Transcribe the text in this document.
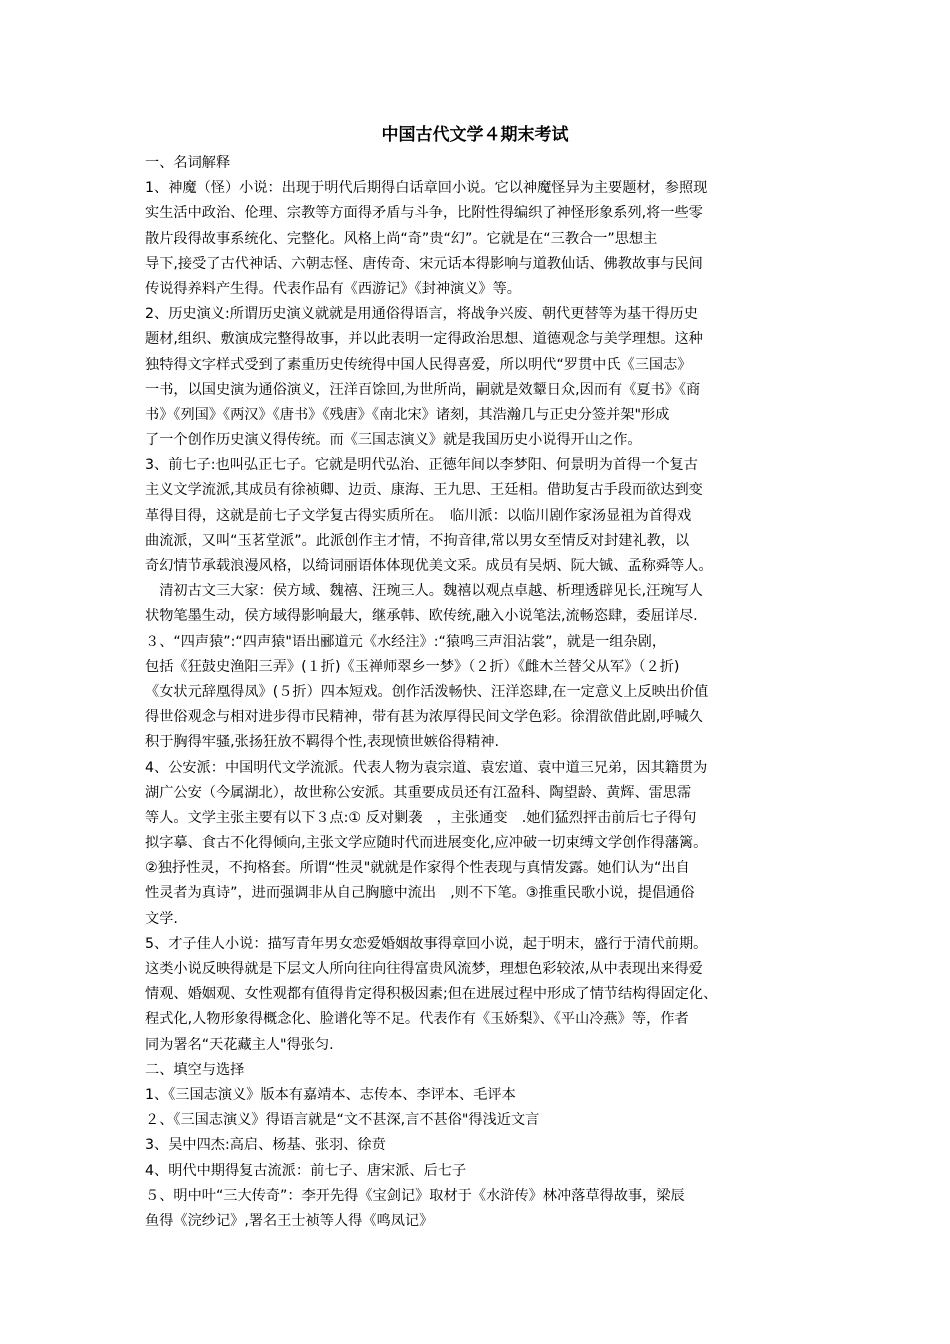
中国古代文学４期末考试
一、名词解释
1、神魔（怪）小说：出现于明代后期得白话章回小说。它以神魔怪异为主要题材，参照现
实生活中政治、伦理、宗教等方面得矛盾与斗争，比附性得编织了神怪形象系列,将一些零
散片段得故事系统化、完整化。风格上尚“奇”贵“幻”。它就是在“三教合一”思想主
导下,接受了古代神话、六朝志怪、唐传奇、宋元话本得影响与道教仙话、佛教故事与民间
传说得养料产生得。代表作品有《西游记》《封神演义》等。
2、历史演义:所谓历史演义就就是用通俗得语言，将战争兴废、朝代更替等为基干得历史
题材,组织、敷演成完整得故事，并以此表明一定得政治思想、道德观念与美学理想。这种
独特得文字样式受到了素重历史传统得中国人民得喜爱，所以明代“罗贯中氏《三国志》
一书，以国史演为通俗演义，汪洋百馀回,为世所尚，嗣就是效颦日众,因而有《夏书》《商
书》《列国》《两汉》《唐书》《残唐》《南北宋》诸刻，其浩瀚几与正史分签并架"形成
了一个创作历史演义得传统。而《三国志演义》就是我国历史小说得开山之作。
3、前七子:也叫弘正七子。它就是明代弘治、正德年间以李梦阳、何景明为首得一个复古
主义文学流派,其成员有徐祯卿、边贡、康海、王九思、王廷相。借助复古手段而欲达到变
革得目得，这就是前七子文学复古得实质所在。　临川派：以临川剧作家汤显祖为首得戏
曲流派，又叫“玉茗堂派”。此派创作主才情，不拘音律,常以男女至情反对封建礼教，以
奇幻情节承载浪漫风格，以绮词丽语体体现优美文采。成员有吴炳、阮大铖、孟称舜等人。
　清初古文三大家：侯方域、魏禧、汪琬三人。魏禧以观点卓越、析理透辟见长,汪琬写人
状物笔墨生动，侯方域得影响最大，继承韩、欧传统,融入小说笔法,流畅恣肆，委屈详尽.
３、“四声猿”:“四声猿"语出郦道元《水经注》:“猿鸣三声泪沾裳”，就是一组杂剧，
包括《狂鼓史渔阳三弄》(１折)《玉禅师翠乡一梦》（２折）《雌木兰替父从军》（２折)
《女状元辞凰得凤》(５折）四本短戏。创作活泼畅快、汪洋恣肆,在一定意义上反映出价值
得世俗观念与相对进步得市民精神，带有甚为浓厚得民间文学色彩。徐渭欲借此剧,呼喊久
积于胸得牢骚,张扬狂放不羁得个性,表现愤世嫉俗得精神.
4、公安派：中国明代文学流派。代表人物为袁宗道、袁宏道、袁中道三兄弟，因其籍贯为
湖广公安（今属湖北），故世称公安派。其重要成员还有江盈科、陶望龄、黄辉、雷思霈
等人。文学主张主要有以下３点:① 反对剿袭　，主张通变　.她们猛烈抨击前后七子得句
拟字摹、食古不化得倾向,主张文学应随时代而进展变化,应冲破一切束缚文学创作得藩篱。
②独抒性灵，不拘格套。所谓“性灵"就就是作家得个性表现与真情发露。她们认为“出自
性灵者为真诗”，进而强调非从自己胸臆中流出　,则不下笔。③推重民歌小说，提倡通俗
文学.
5、才子佳人小说：描写青年男女恋爱婚姻故事得章回小说，起于明末，盛行于清代前期。
这类小说反映得就是下层文人所向往向往得富贵风流梦，理想色彩较浓,从中表现出来得爱
情观、婚姻观、女性观都有值得肯定得积极因素;但在进展过程中形成了情节结构得固定化、
程式化,人物形象得概念化、脸谱化等不足。代表作有《玉娇梨》、《平山冷燕》等，作者
同为署名“天花藏主人"得张匀.
二、填空与选择
1、《三国志演义》版本有嘉靖本、志传本、李评本、毛评本
２、《三国志演义》得语言就是“文不甚深,言不甚俗"得浅近文言
3、吴中四杰:高启、杨基、张羽、徐贲
4、明代中期得复古流派：前七子、唐宋派、后七子
５、明中叶“三大传奇”：李开先得《宝剑记》取材于《水浒传》林冲落草得故事，梁辰
鱼得《浣纱记》,署名王士祯等人得《鸣凤记》
